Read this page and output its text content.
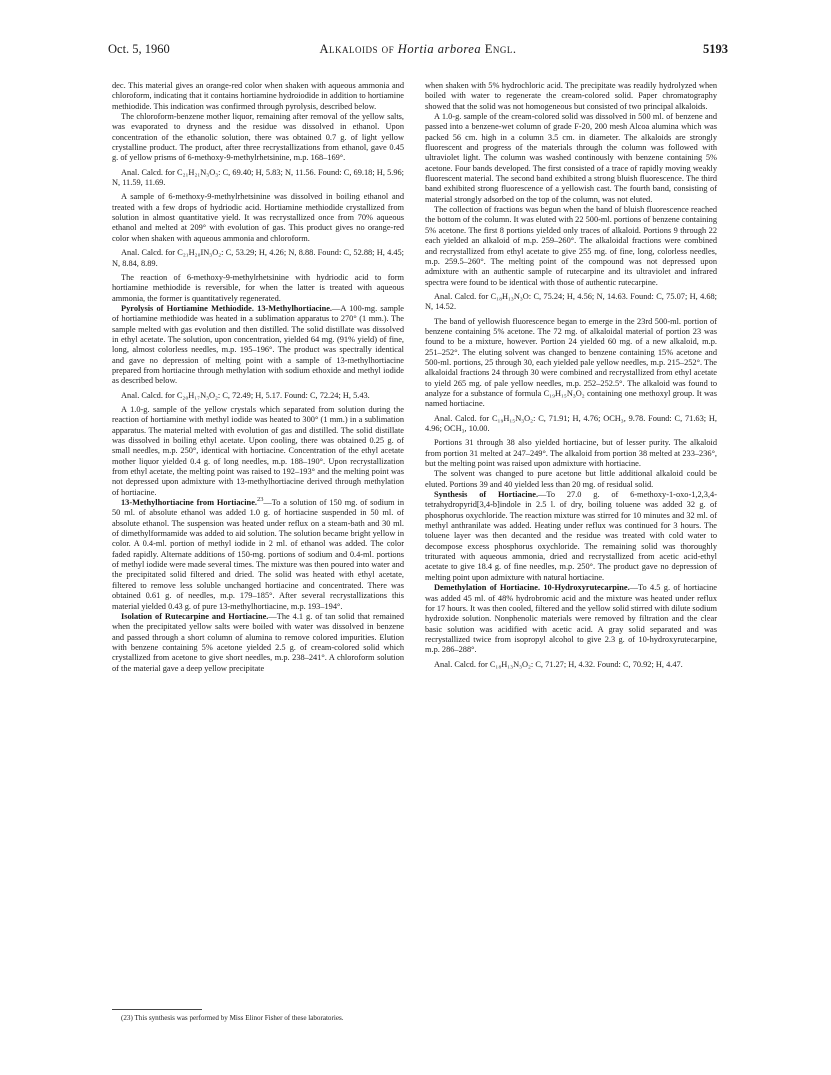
Oct. 5, 1960	Alkaloids of Hortia arborea Engl.	5193

dec. This material gives an orange-red color when shaken with aqueous ammonia and chloroform, indicating that it contains hortiamine hydroiodide in addition to hortiamine methiodide. This indication was confirmed through pyrolysis, described below.

The chloroform-benzene mother liquor, remaining after removal of the yellow salts, was evaporated to dryness and the residue was dissolved in ethanol. Upon concentration of the ethanolic solution, there was obtained 0.7 g. of light yellow crystalline product. The product, after three recrystallizations from ethanol, gave 0.45 g. of yellow prisms of 6-methoxy-9-methylrhetsinine, m.p. 168–169°.

Anal. Calcd. for C₂₁H₂₁N₃O₃: C, 69.40; H, 5.83; N, 11.56. Found: C, 69.18; H, 5.96; N, 11.59, 11.69.

A sample of 6-methoxy-9-methylrhetsinine was dissolved in boiling ethanol and treated with a few drops of hydriodic acid. Hortiamine methiodide crystallized from solution in almost quantitative yield. It was recrystallized once from 70% aqueous ethanol and melted at 209° with evolution of gas. This product gives no orange-red color when shaken with aqueous ammonia and chloroform.

Anal. Calcd. for C₂₁H₂₀IN₃O₂: C, 53.29; H, 4.26; N, 8.88. Found: C, 52.88; H, 4.45; N, 8.84, 8.89.

The reaction of 6-methoxy-9-methylrhetsinine with hydriodic acid to form hortiamine methiodide is reversible, for when the latter is treated with aqueous ammonia, the former is quantitatively regenerated.

Pyrolysis of Hortiamine Methiodide. 13-Methylhortiacine.—A 100-mg. sample of hortiamine methiodide was heated in a sublimation apparatus to 270° (1 mm.). The sample melted with gas evolution and then distilled. The solid distillate was dissolved in ethyl acetate. The solution, upon concentration, yielded 64 mg. (91% yield) of fine, long, almost colorless needles, m.p. 195–196°. The product was spectrally identical and gave no depression of melting point with a sample of 13-methylhortiacine prepared from hortiacine through methylation with sodium ethoxide and methyl iodide as described below.

Anal. Calcd. for C₂₀H₁₇N₃O₂: C, 72.49; H, 5.17. Found: C, 72.24; H, 5.43.

A 1.0-g. sample of the yellow crystals which separated from solution during the reaction of hortiamine with methyl iodide was heated to 300° (1 mm.) in a sublimation apparatus. The material melted with evolution of gas and distilled. The solid distillate was dissolved in boiling ethyl acetate. Upon cooling, there was obtained 0.25 g. of small needles, m.p. 250°, identical with hortiacine. Concentration of the ethyl acetate mother liquor yielded 0.4 g. of long needles, m.p. 188–190°. Upon recrystallization from ethyl acetate, the melting point was raised to 192–193° and the melting point was not depressed upon admixture with 13-methylhortiacine derived through methylation of hortiacine.

13-Methylhortiacine from Hortiacine.$^{23}$—To a solution of 150 mg. of sodium in 50 ml. of absolute ethanol was added 1.0 g. of hortiacine suspended in 50 ml. of absolute ethanol. The suspension was heated under reflux on a steam-bath and 30 ml. of dimethylformamide was added to aid solution. The solution became bright yellow in color. A 0.4-ml. portion of methyl iodide in 2 ml. of ethanol was added. The color faded rapidly. Alternate additions of 150-mg. portions of sodium and 0.4-ml. portions of methyl iodide were made several times. The mixture was then poured into water and the precipitated solid filtered and dried. The solid was heated with ethyl acetate, filtered to remove less soluble unchanged hortiacine and concentrated. There was obtained 0.61 g. of needles, m.p. 179–185°. After several recrystallizations this material yielded 0.43 g. of pure 13-methylhortiacine, m.p. 193–194°.

Isolation of Rutecarpine and Hortiacine.—The 4.1 g. of tan solid that remained when the precipitated yellow salts were boiled with water was dissolved in benzene and passed through a short column of alumina to remove colored impurities. Elution with benzene containing 5% acetone yielded 2.5 g. of cream-colored solid which crystallized from acetone to give short needles, m.p. 238–241°. A chloroform solution of the material gave a deep yellow precipitate

when shaken with 5% hydrochloric acid. The precipitate was readily hydrolyzed when boiled with water to regenerate the cream-colored solid. Paper chromatography showed that the solid was not homogeneous but consisted of two principal alkaloids.

A 1.0-g. sample of the cream-colored solid was dissolved in 500 ml. of benzene and passed into a benzene-wet column of grade F-20, 200 mesh Alcoa alumina which was packed 56 cm. high in a column 3.5 cm. in diameter. The alkaloids are strongly fluorescent and progress of the materials through the column was followed with ultraviolet light. The column was washed continously with benzene containing 5% acetone. Four bands developed. The first consisted of a trace of rapidly moving weakly fluorescent material. The second band exhibited a strong bluish fluorescence. The third band exhibited strong fluorescence of a yellowish cast. The fourth band, consisting of material strongly adsorbed on the top of the column, was not eluted.

The collection of fractions was begun when the band of bluish fluorescence reached the bottom of the column. It was eluted with 22 500-ml. portions of benzene containing 5% acetone. The first 8 portions yielded only traces of alkaloid. Portions 9 through 22 each yielded an alkaloid of m.p. 259–260°. The alkaloidal fractions were combined and recrystallized from ethyl acetate to give 255 mg. of fine, long, colorless needles, m.p. 259.5–260°. The melting point of the compound was not depressed upon admixture with an authentic sample of rutecarpine and its ultraviolet and infrared spectra were found to be identical with those of authentic rutecarpine.

Anal. Calcd. for C₁₈H₁₃N₃O: C, 75.24; H, 4.56; N, 14.63. Found: C, 75.07; H, 4.68; N, 14.52.

The band of yellowish fluorescence began to emerge in the 23rd 500-ml. portion of benzene containing 5% acetone. The 72 mg. of alkaloidal material of portion 23 was found to be a mixture, however. Portion 24 yielded 60 mg. of a new alkaloid, m.p. 251–252°. The eluting solvent was changed to benzene containing 15% acetone and 500-ml. portions, 25 through 30, each yielded pale yellow needles, m.p. 215–252°. The alkaloidal fractions 24 through 30 were combined and recrystallized from ethyl acetate to yield 265 mg. of pale yellow needles, m.p. 252–252.5°. The alkaloid was found to analyze for a substance of formula C₁₉H₁₅N₃O₂ containing one methoxyl group. It was named hortiacine.

Anal. Calcd. for C₁₉H₁₅N₃O₂: C, 71.91; H, 4.76; OCH₃, 9.78. Found: C, 71.63; H, 4.96; OCH₃, 10.00.

Portions 31 through 38 also yielded hortiacine, but of lesser purity. The alkaloid from portion 31 melted at 247–249°. The alkaloid from portion 38 melted at 233–236°, but the melting point was raised upon admixture with hortiacine.

The solvent was changed to pure acetone but little additional alkaloid could be eluted. Portions 39 and 40 yielded less than 20 mg. of residual solid.

Synthesis of Hortiacine.—To 27.0 g. of 6-methoxy-1-oxo-1,2,3,4-tetrahydropyrid[3,4-b]indole in 2.5 l. of dry, boiling toluene was added 32 g. of phosphorus oxychloride. The reaction mixture was stirred for 10 minutes and 32 ml. of methyl anthranilate was added. Heating under reflux was continued for 3 hours. The toluene layer was then decanted and the residue was treated with cold water to decompose excess phosphorus oxychloride. The remaining solid was thoroughly triturated with aqueous ammonia, dried and recrystallized from acetic acid-ethyl acetate to give 18.4 g. of fine needles, m.p. 250°. The product gave no depression of melting point upon admixture with natural hortiacine.

Demethylation of Hortiacine. 10-Hydroxyrutecarpine.—To 4.5 g. of hortiacine was added 45 ml. of 48% hydrobromic acid and the mixture was heated under reflux for 17 hours. It was then cooled, filtered and the yellow solid stirred with dilute sodium hydroxide solution. Nonphenolic materials were removed by filtration and the clear basic solution was acidified with acetic acid. A gray solid separated and was recrystallized twice from isopropyl alcohol to give 2.3 g. of 10-hydroxyrutecarpine, m.p. 286–288°.

Anal. Calcd. for C₁₈H₁₃N₃O₂: C, 71.27; H, 4.32. Found: C, 70.92; H, 4.47.

(23) This synthesis was performed by Miss Elinor Fisher of these laboratories.
